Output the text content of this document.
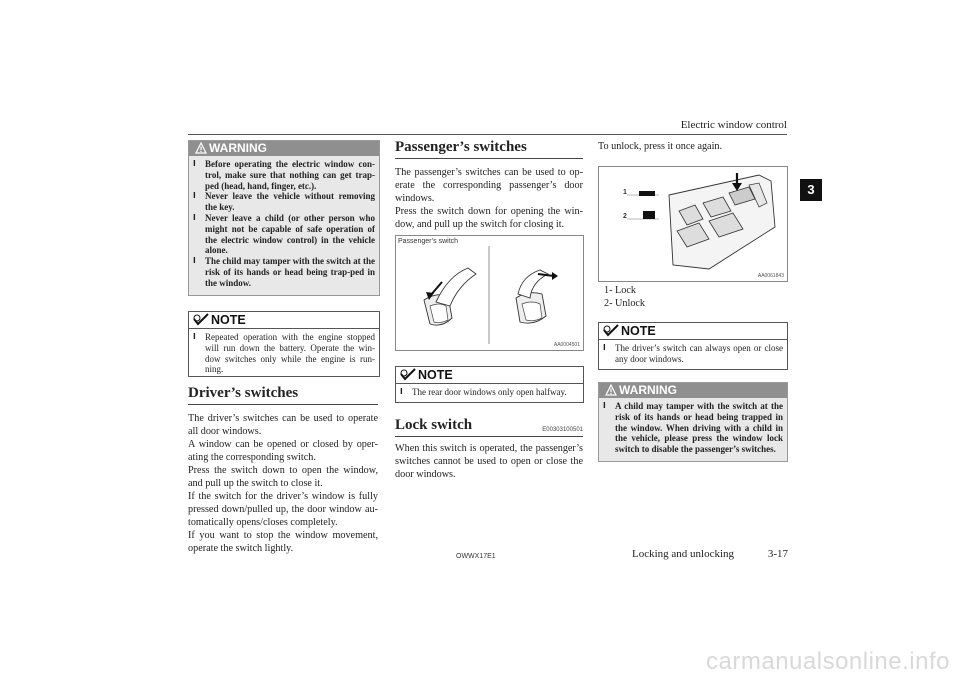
Electric window control
3
WARNING
l Before operating the electric window con-trol, make sure that nothing can get trap-ped (head, hand, finger, etc.).
l Never leave the vehicle without removing the key.
l Never leave a child (or other person who might not be capable of safe operation of the electric window control) in the vehicle alone.
l The child may tamper with the switch at the risk of its hands or head being trap-ped in the window.
NOTE
l Repeated operation with the engine stopped will run down the battery. Operate the win-dow switches only while the engine is run-ning.
Driver’s switches

The driver’s switches can be used to operate all door windows.

A window can be opened or closed by oper-ating the corresponding switch.

Press the switch down to open the window, and pull up the switch to close it.

If the switch for the driver’s window is fully pressed down/pulled up, the door window au-tomatically opens/closes completely.

If you want to stop the window movement, operate the switch lightly.

Passenger’s switches

The passenger’s switches can be used to op-erate the corresponding passenger’s door windows.

Press the switch down for opening the win-dow, and pull up the switch for closing it.

Passenger’s switch
AA0004501
NOTE
l The rear door windows only open halfway.
Lock switch	E00303100501

When this switch is operated, the passenger’s switches cannot be used to open or close the door windows.

To unlock, press it once again.
1
2
AA0061843

1- Lock

2- Unlock

NOTE
l The driver’s switch can always open or close any door windows.
WARNING
l A child may tamper with the switch at the risk of its hands or head being trapped in the window. When driving with a child in the vehicle, please press the window lock switch to disable the passenger’s switches.
OWWX17E1	Locking and unlocking	3-17
carmanualsonline.info
